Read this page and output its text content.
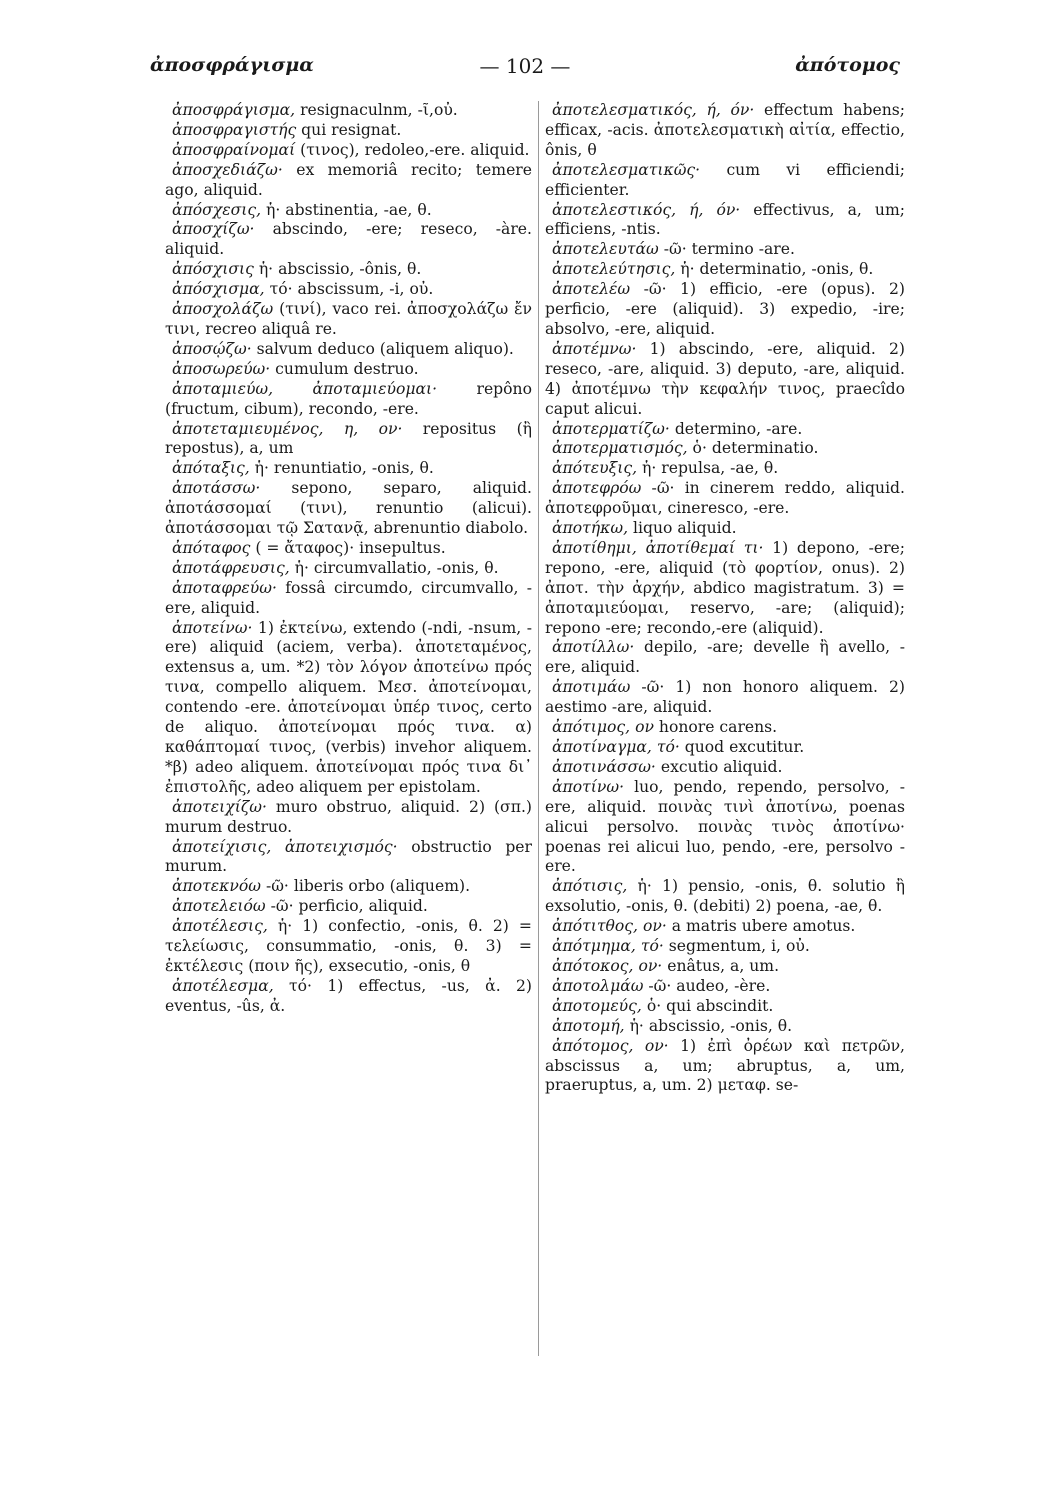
ἀποσφράγισμα	— 102 —	ἀπότομος

ἀποσφράγισμα, resignaculnm, -ῖ,οὐ.

ἀποσφραγιστής qui resignat.

ἀποσφραίνομαί (τινος), redoleo,-ere. aliquid.

ἀποσχεδιάζω· ex memoriâ recito; temere ago, aliquid.

ἀπόσχεσις, ἡ· abstinentia, -ae, θ.

ἀποσχίζω· abscindo, -ere; reseco, -àre. aliquid.

ἀπόσχισις ἡ· abscissio, -ônis, θ.

ἀπόσχισμα, τό· abscissum, -i, οὐ.

ἀποσχολάζω (τινί), vaco rei. ἀποσχολάζω ἔν τινι, recreo aliquâ re.

ἀποσῴζω· salvum deduco (aliquem aliquo).

ἀποσωρεύω· cumulum destruo.

ἀποταμιεύω, ἀποταμιεύομαι· repôno (fructum, cibum), recondo, -ere.

ἀποτεταμιευμένος, η, ον· repositus (ἢ repostus), a, um

ἀπόταξις, ἡ· renuntiatio, -onis, θ.

ἀποτάσσω· sepono, separo, aliquid. ἀποτάσσομαί (τινι), renuntio (alicui). ἀποτάσσομαι τῷ Σατανᾷ, abrenuntio diabolo.

ἀπόταφος ( = ἄταφος)· insepultus.

ἀποτάφρευσις, ἡ· circumvallatio, -onis, θ.

ἀποταφρεύω· fossâ circumdo, circumvallo, - ere, aliquid.

ἀποτείνω· 1) ἐκτείνω, extendo (-ndi, -nsum, -ere) aliquid (aciem, verba). ἀποτεταμένος, extensus a, um. *2) τὸν λόγον ἀποτείνω πρός τινα, compello aliquem. Μεσ. ἀποτείνομαι, contendo -ere. ἀποτείνομαι ὑπέρ τινος, certo de aliquo. ἀποτείνομαι πρός τινα. α) καθάπτομαί τινος, (verbis) invehor aliquem. *β) adeo aliquem. ἀποτείνομαι πρός τινα δι᾽ ἐπιστολῆς, adeo aliquem per epistolam.

ἀποτειχίζω· muro obstruo, aliquid. 2) (σπ.) murum destruo.

ἀποτείχισις, ἀποτειχισμός· obstructio per murum.

ἀποτεκνόω -ῶ· liberis orbo (aliquem).

ἀποτελειόω -ῶ· perficio, aliquid.

ἀποτέλεσις, ἡ· 1) confectio, -onis, θ. 2) = τελείωσις, consummatio, -onis, θ. 3) = ἐκτέλεσις (ποιν ῆς), exsecutio, -onis, θ

ἀποτέλεσμα, τό· 1) effectus, -us, ἀ. 2) eventus, -ûs, ἀ.

ἀποτελεσματικός, ή, όν· effectum habens; efficax, -acis. ἀποτελεσματικὴ αἰτία, effectio, ônis, θ

ἀποτελεσματικῶς· cum vi efficiendi; efficienter.

ἀποτελεστικός, ή, όν· effectivus, a, um; efficiens, -ntis.

ἀποτελευτάω -ῶ· termino -are.

ἀποτελεύτησις, ἡ· determinatio, -onis, θ.

ἀποτελέω -ῶ· 1) efficio, -ere (opus). 2) perficio, -ere (aliquid). 3) expedio, -ire; absolvo, -ere, aliquid.

ἀποτέμνω· 1) abscindo, -ere, aliquid. 2) reseco, -are, aliquid. 3) deputo, -are, aliquid. 4) ἀποτέμνω τὴν κεφαλήν τινος, praecîdo caput alicui.

ἀποτερματίζω· determino, -are.

ἀποτερματισμός, ὁ· determinatio.

ἀπότευξις, ἡ· repulsa, -ae, θ.

ἀποτεφρόω -ῶ· in cinerem reddo, aliquid. ἀποτεφροῦμαι, cineresco, -ere.

ἀποτήκω, liquo aliquid.

ἀποτίθημι, ἀποτίθεμαί τι· 1) depono, -ere; repono, -ere, aliquid (τὸ φορτίον, onus). 2) ἀποτ. τὴν ἀρχήν, abdico magistratum. 3) = ἀποταμιεύομαι, reservo, -are; (aliquid); repono -ere; recondo,-ere (aliquid).

ἀποτίλλω· depilo, -are; develle ἢ avello, -ere, aliquid.

ἀποτιμάω -ῶ· 1) non honoro aliquem. 2) aestimo -are, aliquid.

ἀπότιμος, ον honore carens.

ἀποτίναγμα, τό· quod excutitur.

ἀποτινάσσω· excutio aliquid.

ἀποτίνω· luo, pendo, rependo, persolvo, -ere, aliquid. ποινὰς τινὶ ἀποτίνω, poenas alicui persolvo. ποινὰς τινὸς ἀποτίνω· poenas rei alicui luo, pendo, -ere, persolvo -ere.

ἀπότισις, ἡ· 1) pensio, -onis, θ. solutio ἢ exsolutio, -onis, θ. (debiti) 2) poena, -ae, θ.

ἀπότιτθος, ον· a matris ubere amotus.

ἀπότμημα, τό· segmentum, i, οὐ.

ἀπότοκος, ον· enâtus, a, um.

ἀποτολμάω -ῶ· audeo, -ère.

ἀποτομεύς, ὁ· qui abscindit.

ἀποτομή, ἡ· abscissio, -onis, θ.

ἀπότομος, ον· 1) ἐπὶ ὀρέων καὶ πετρῶν, abscissus a, um; abruptus, a, um, praeruptus, a, um. 2) μεταφ. se-
